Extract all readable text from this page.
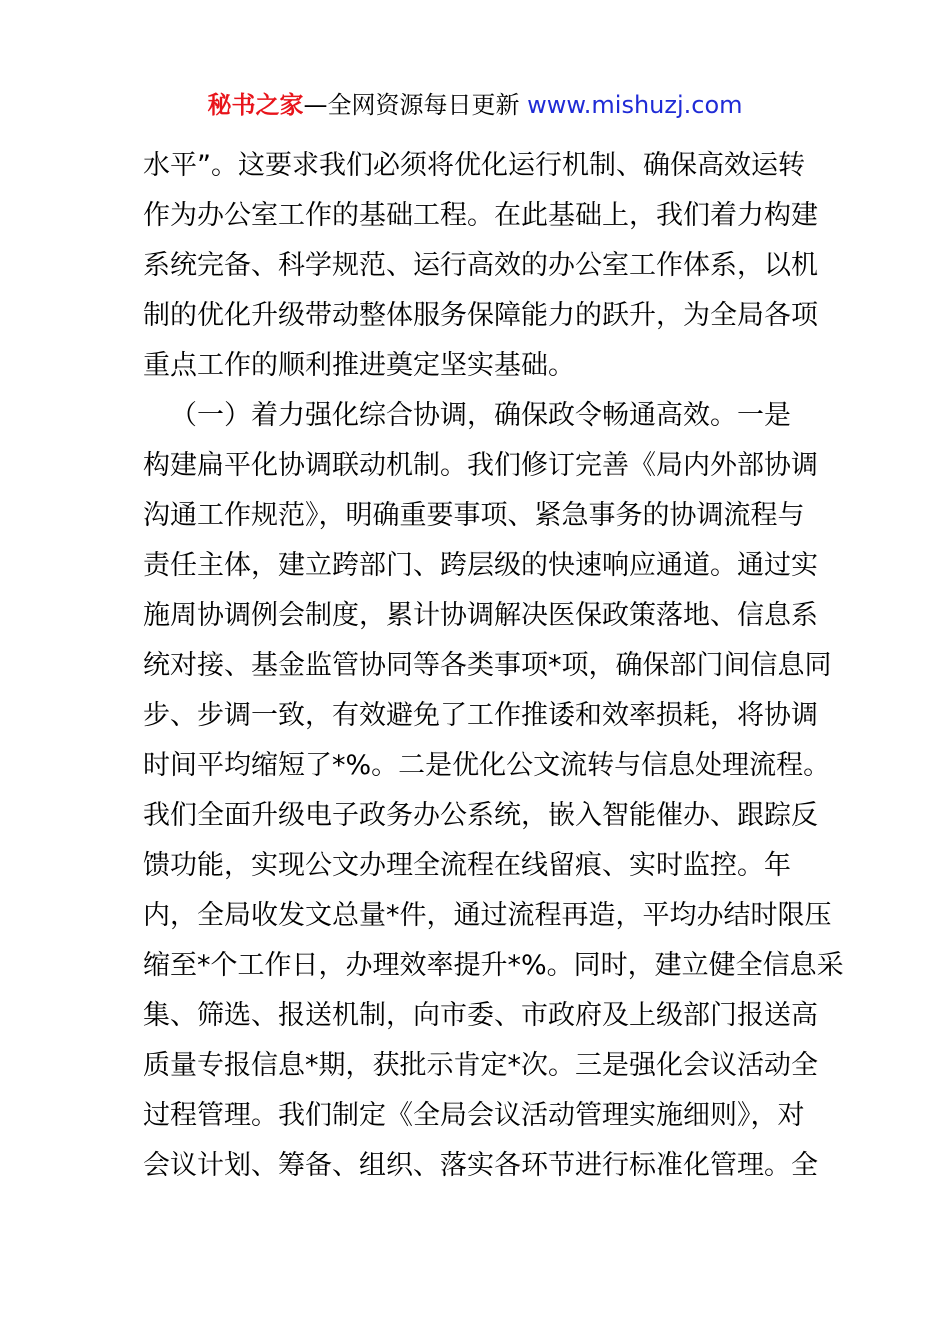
秘书之家—全网资源每日更新 www.mishuzj.com
水平”。这要求我们必须将优化运行机制、确保高效运转
作为办公室工作的基础工程。在此基础上，我们着力构建
系统完备、科学规范、运行高效的办公室工作体系，以机
制的优化升级带动整体服务保障能力的跃升，为全局各项
重点工作的顺利推进奠定坚实基础。
（一）着力强化综合协调，确保政令畅通高效。一是
构建扁平化协调联动机制。我们修订完善《局内外部协调
沟通工作规范》，明确重要事项、紧急事务的协调流程与
责任主体，建立跨部门、跨层级的快速响应通道。通过实
施周协调例会制度，累计协调解决医保政策落地、信息系
统对接、基金监管协同等各类事项*项，确保部门间信息同
步、步调一致，有效避免了工作推诿和效率损耗，将协调
时间平均缩短了*%。二是优化公文流转与信息处理流程。
我们全面升级电子政务办公系统，嵌入智能催办、跟踪反
馈功能，实现公文办理全流程在线留痕、实时监控。年
内，全局收发文总量*件，通过流程再造，平均办结时限压
缩至*个工作日，办理效率提升*%。同时，建立健全信息采
集、筛选、报送机制，向市委、市政府及上级部门报送高
质量专报信息*期，获批示肯定*次。三是强化会议活动全
过程管理。我们制定《全局会议活动管理实施细则》，对
会议计划、筹备、组织、落实各环节进行标准化管理。全
